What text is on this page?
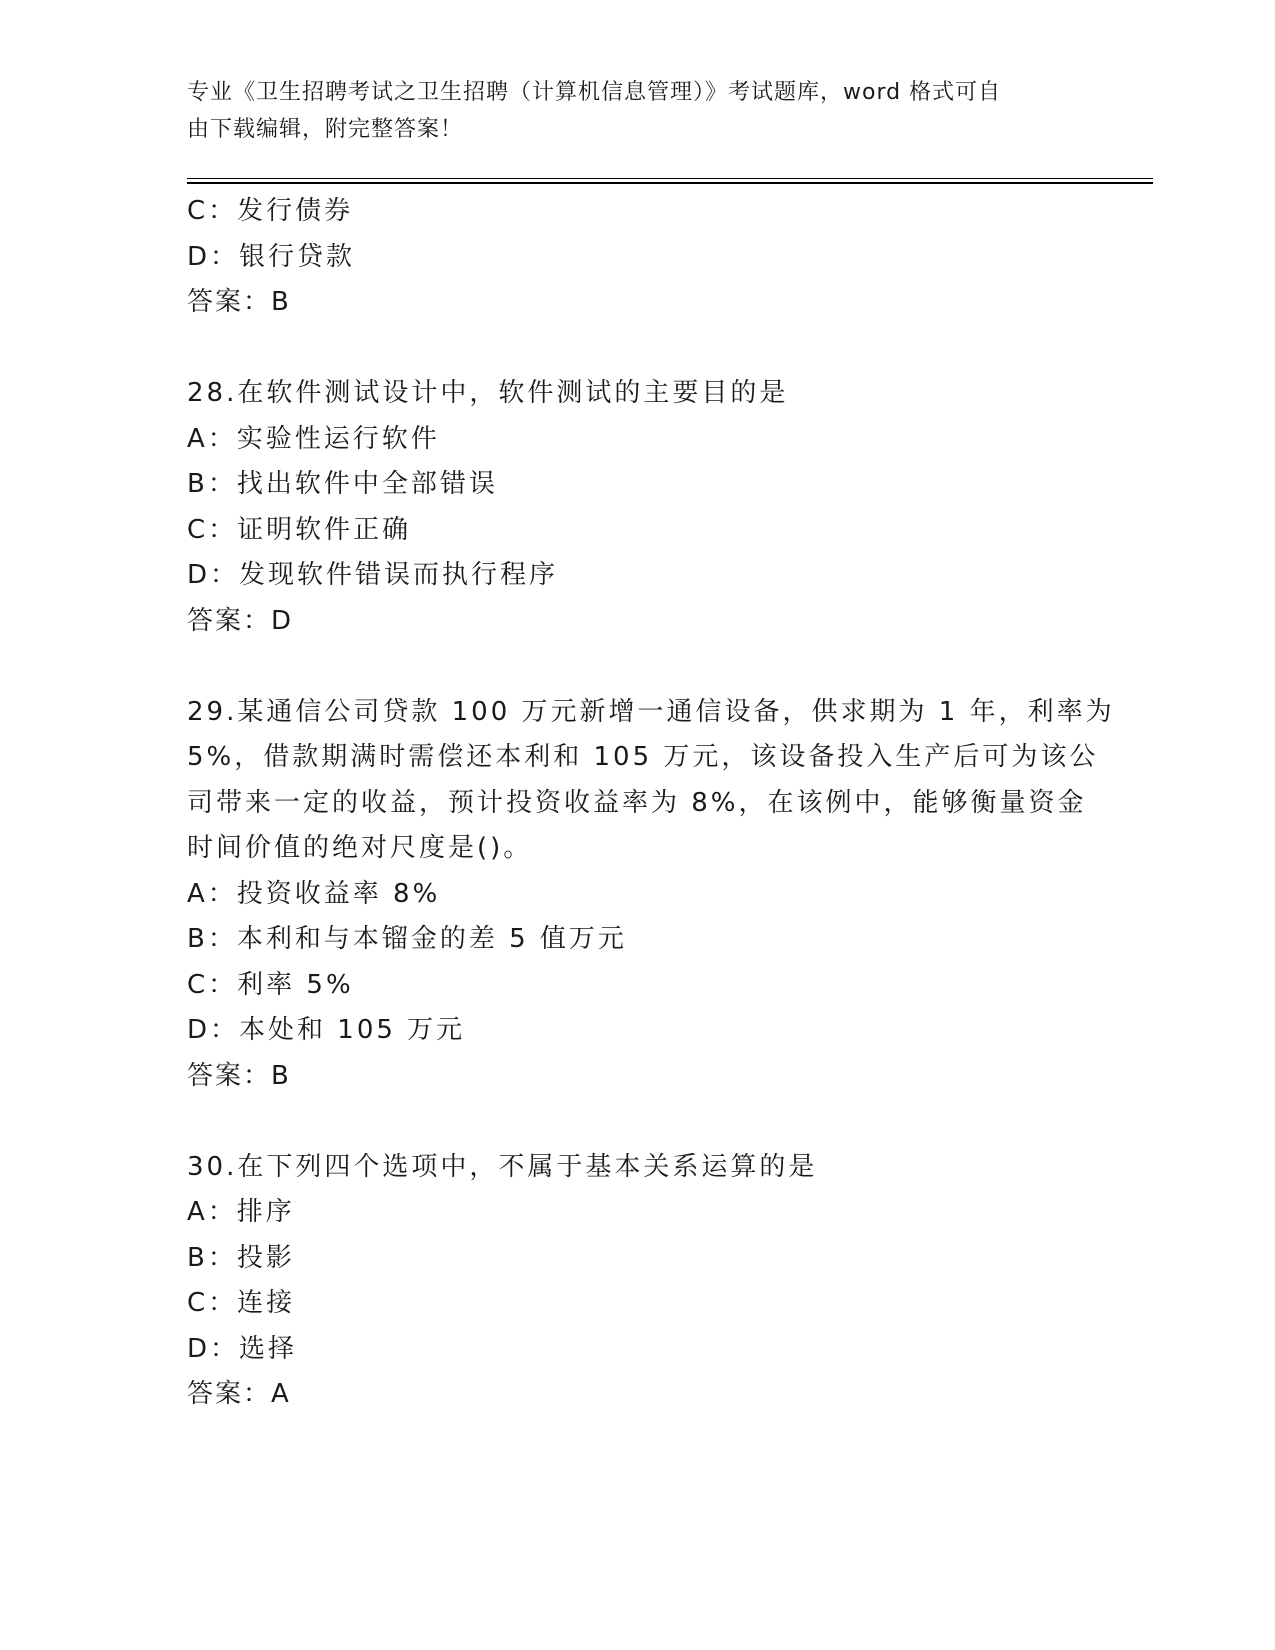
专业《卫生招聘考试之卫生招聘（计算机信息管理）》考试题库，word 格式可自
由下载编辑，附完整答案！
C：发行债券
D：银行贷款
答案：B
28.在软件测试设计中，软件测试的主要目的是
A：实验性运行软件
B：找出软件中全部错误
C：证明软件正确
D：发现软件错误而执行程序
答案：D
29.某通信公司贷款 100 万元新增一通信设备，供求期为 1 年，利率为
5%，借款期满时需偿还本利和 105 万元，该设备投入生产后可为该公
司带来一定的收益，预计投资收益率为 8%，在该例中，能够衡量资金
时间价值的绝对尺度是()。
A：投资收益率 8%
B：本利和与本镏金的差 5 值万元
C：利率 5%
D：本处和 105 万元
答案：B
30.在下列四个选项中，不属于基本关系运算的是
A：排序
B：投影
C：连接
D：选择
答案：A
